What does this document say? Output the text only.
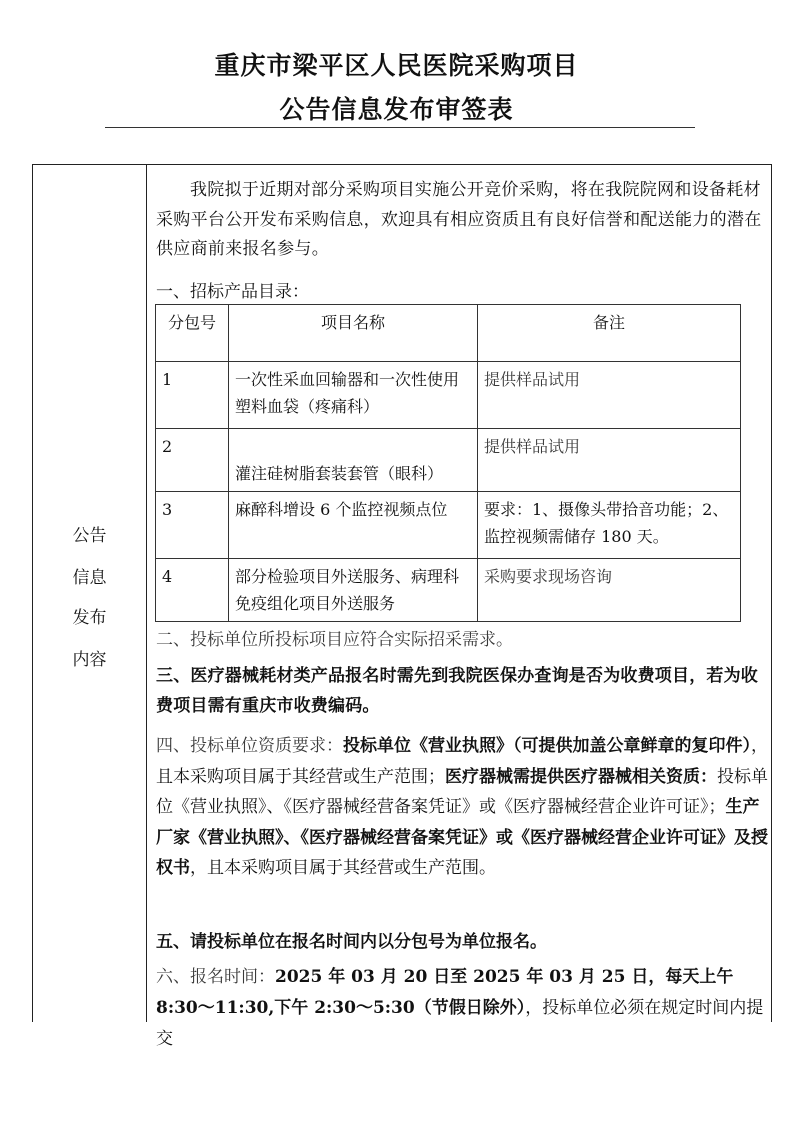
重庆市梁平区人民医院采购项目
公告信息发布审签表
公告
信息
发布
内容
我院拟于近期对部分采购项目实施公开竞价采购，将在我院院网和设备耗材采购平台公开发布采购信息，欢迎具有相应资质且有良好信誉和配送能力的潜在供应商前来报名参与。
一、招标产品目录：
分包号	项目名称	备注
1	一次性采血回输器和一次性使用塑料血袋（疼痛科）	提供样品试用
2	灌注硅树脂套装套管（眼科）	提供样品试用
3	麻醉科增设 6 个监控视频点位	要求：1、摄像头带拾音功能；2、监控视频需储存 180 天。
4	部分检验项目外送服务、病理科免疫组化项目外送服务	采购要求现场咨询
二、投标单位所投标项目应符合实际招采需求。
三、医疗器械耗材类产品报名时需先到我院医保办查询是否为收费项目，若为收费项目需有重庆市收费编码。
四、投标单位资质要求：投标单位《营业执照》（可提供加盖公章鲜章的复印件），且本采购项目属于其经营或生产范围；医疗器械需提供医疗器械相关资质：投标单位《营业执照》、《医疗器械经营备案凭证》或《医疗器械经营企业许可证》；生产厂家《营业执照》、《医疗器械经营备案凭证》或《医疗器械经营企业许可证》及授权书，且本采购项目属于其经营或生产范围。
五、请投标单位在报名时间内以分包号为单位报名。
六、报名时间：2025 年 03 月 20 日至 2025 年 03 月 25 日，每天上午 8:30～11:30,下午 2:30～5:30（节假日除外），投标单位必须在规定时间内提交
